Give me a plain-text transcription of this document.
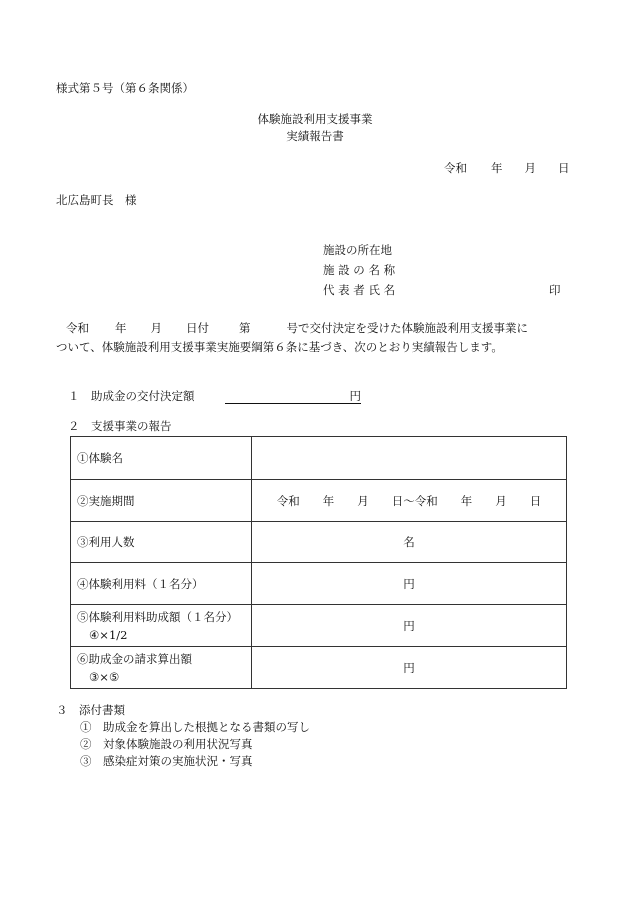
様式第５号（第６条関係）
体験施設利用支援事業
実績報告書
令和 年 月 日
北広島町長　様
施設の所在地
施 設 の 名 称
代 表 者 氏 名	印
令和 年 月 日付	第	号で交付決定を受けた体験施設利用支援事業に
ついて、体験施設利用支援事業実施要綱第６条に基づき、次のとおり実績報告します。
１　助成金の交付決定額	円
２　支援事業の報告
①体験名	
②実施期間	令和　　年　　月　　日～令和　　年　　月　　日
③利用人数	名
④体験利用料（１名分）	円
⑤体験利用料助成額（１名分）
④×1/2	円
⑥助成金の請求算出額
③×⑤	円
３　添付書類
①　助成金を算出した根拠となる書類の写し
②　対象体験施設の利用状況写真
③　感染症対策の実施状況・写真
